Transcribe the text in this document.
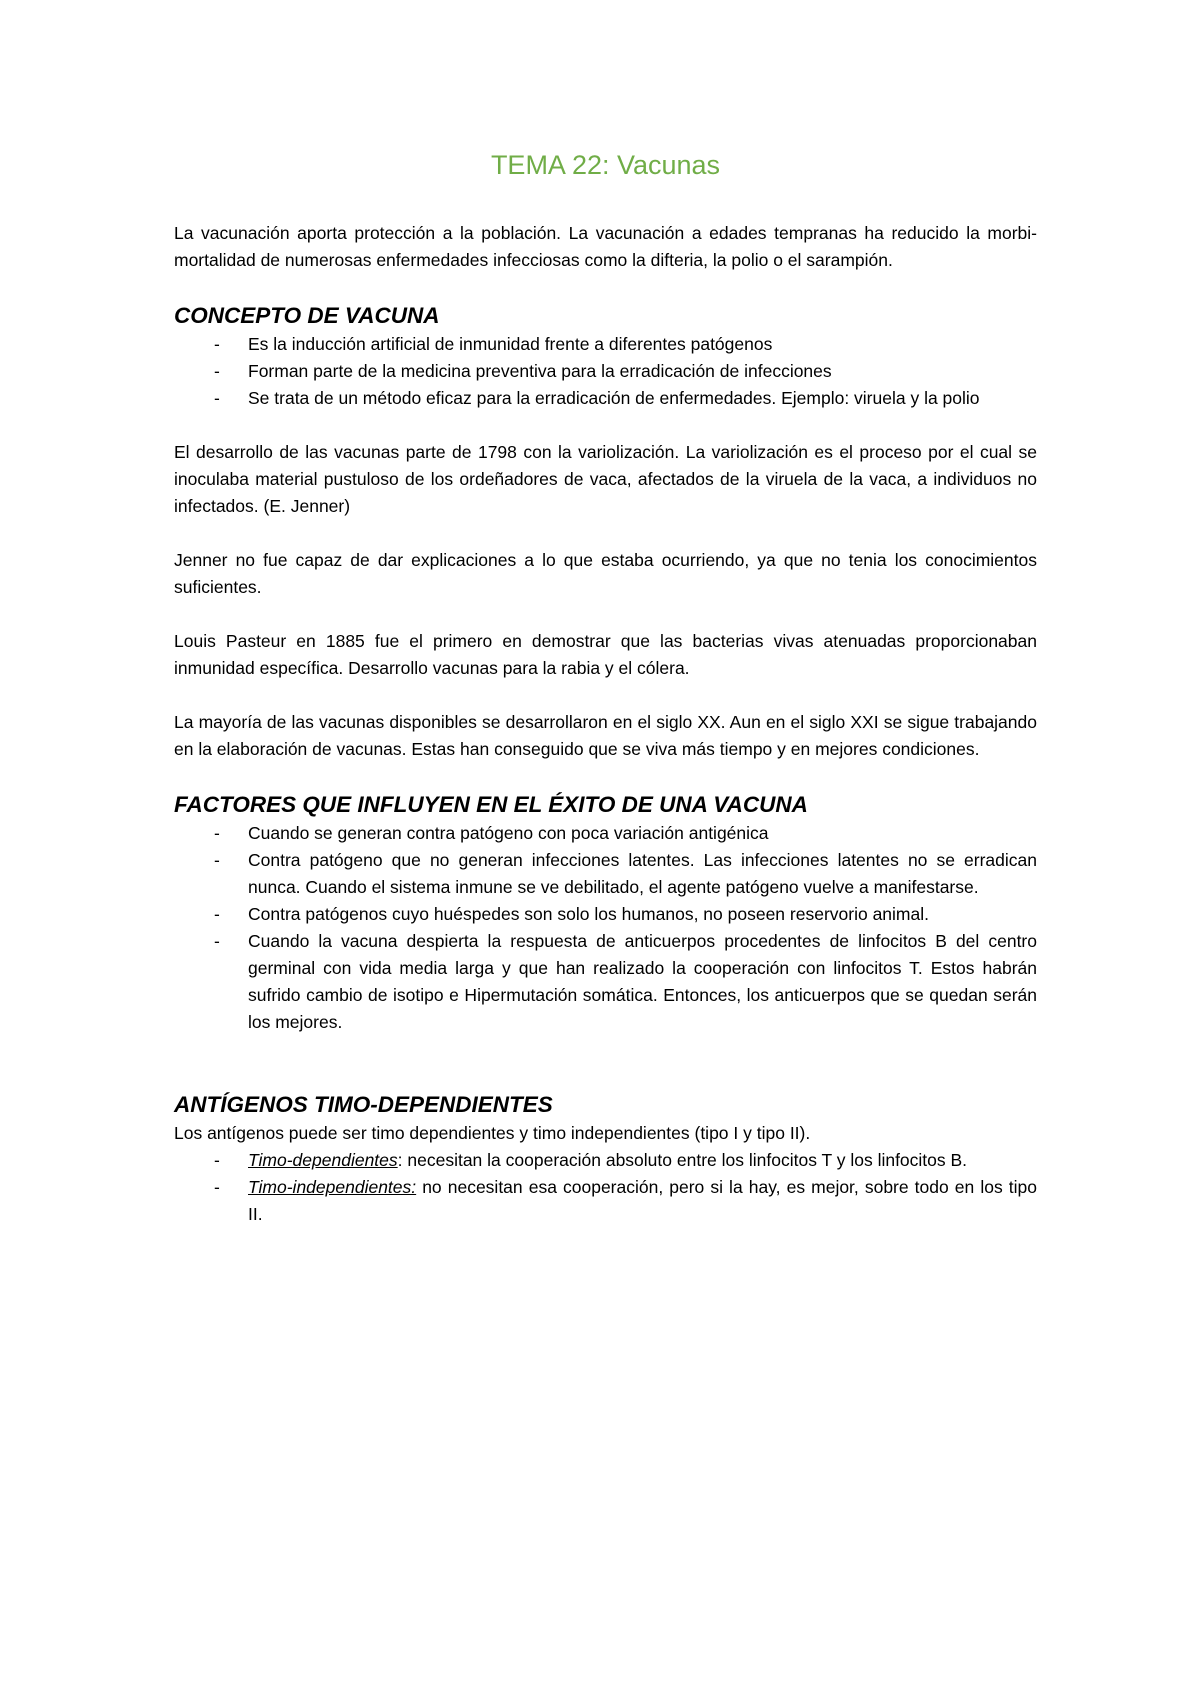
TEMA 22: Vacunas

La vacunación aporta protección a la población. La vacunación a edades tempranas ha reducido la morbi-mortalidad de numerosas enfermedades infecciosas como la difteria, la polio o el sarampión.

CONCEPTO DE VACUNA
- Es la inducción artificial de inmunidad frente a diferentes patógenos
- Forman parte de la medicina preventiva para la erradicación de infecciones
- Se trata de un método eficaz para la erradicación de enfermedades. Ejemplo: viruela y la polio

El desarrollo de las vacunas parte de 1798 con la variolización. La variolización es el proceso por el cual se inoculaba material pustuloso de los ordeñadores de vaca, afectados de la viruela de la vaca, a individuos no infectados. (E. Jenner)

Jenner no fue capaz de dar explicaciones a lo que estaba ocurriendo, ya que no tenia los conocimientos suficientes.

Louis Pasteur en 1885 fue el primero en demostrar que las bacterias vivas atenuadas proporcionaban inmunidad específica. Desarrollo vacunas para la rabia y el cólera.

La mayoría de las vacunas disponibles se desarrollaron en el siglo XX. Aun en el siglo XXI se sigue trabajando en la elaboración de vacunas. Estas han conseguido que se viva más tiempo y en mejores condiciones.

FACTORES QUE INFLUYEN EN EL ÉXITO DE UNA VACUNA
- Cuando se generan contra patógeno con poca variación antigénica
- Contra patógeno que no generan infecciones latentes. Las infecciones latentes no se erradican nunca. Cuando el sistema inmune se ve debilitado, el agente patógeno vuelve a manifestarse.
- Contra patógenos cuyo huéspedes son solo los humanos, no poseen reservorio animal.
- Cuando la vacuna despierta la respuesta de anticuerpos procedentes de linfocitos B del centro germinal con vida media larga y que han realizado la cooperación con linfocitos T. Estos habrán sufrido cambio de isotipo e Hipermutación somática. Entonces, los anticuerpos que se quedan serán los mejores.
ANTÍGENOS TIMO-DEPENDIENTES

Los antígenos puede ser timo dependientes y timo independientes (tipo I y tipo II).

- Timo-dependientes: necesitan la cooperación absoluto entre los linfocitos T y los linfocitos B.
- Timo-independientes: no necesitan esa cooperación, pero si la hay, es mejor, sobre todo en los tipo II.
